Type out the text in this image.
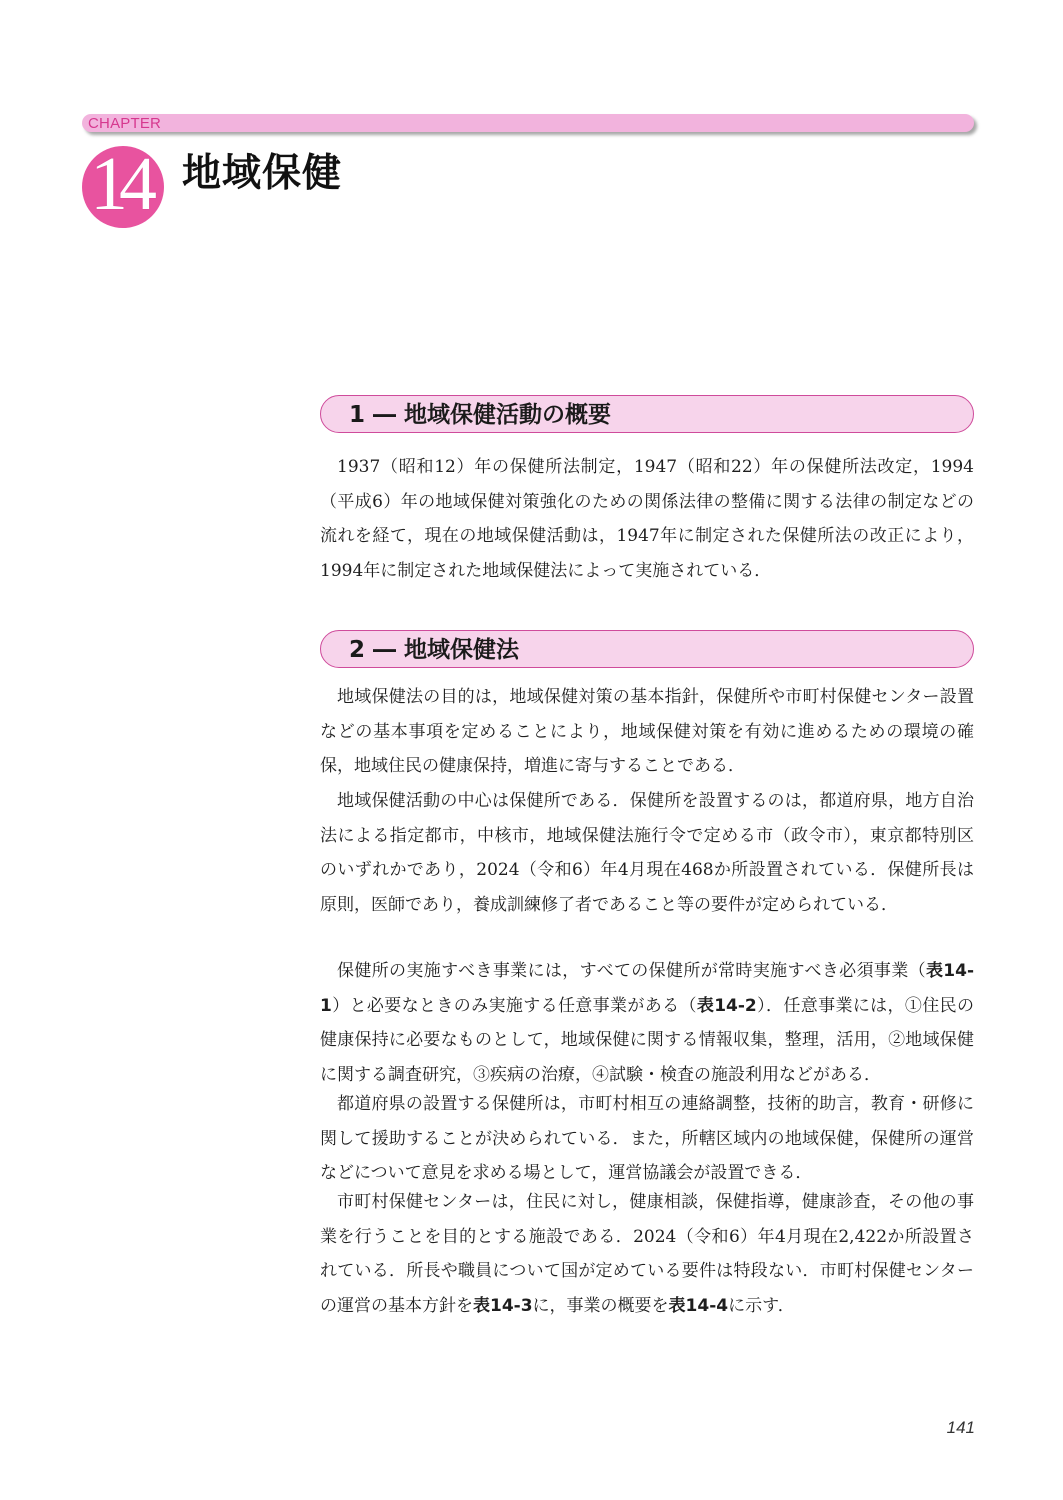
CHAPTER
14 地域保健
1 ― 地域保健活動の概要

1937（昭和12）年の保健所法制定，1947（昭和22）年の保健所法改定，1994（平成6）年の地域保健対策強化のための関係法律の整備に関する法律の制定などの流れを経て，現在の地域保健活動は，1947年に制定された保健所法の改正により，1994年に制定された地域保健法によって実施されている．

2 ― 地域保健法

地域保健法の目的は，地域保健対策の基本指針，保健所や市町村保健センター設置などの基本事項を定めることにより，地域保健対策を有効に進めるための環境の確保，地域住民の健康保持，増進に寄与することである．

地域保健活動の中心は保健所である．保健所を設置するのは，都道府県，地方自治法による指定都市，中核市，地域保健法施行令で定める市（政令市），東京都特別区のいずれかであり，2024（令和6）年4月現在468か所設置されている．保健所長は原則，医師であり，養成訓練修了者であること等の要件が定められている．

保健所の実施すべき事業には，すべての保健所が常時実施すべき必須事業（表14-1）と必要なときのみ実施する任意事業がある（表14-2）．任意事業には，①住民の健康保持に必要なものとして，地域保健に関する情報収集，整理，活用，②地域保健に関する調査研究，③疾病の治療，④試験・検査の施設利用などがある．

都道府県の設置する保健所は，市町村相互の連絡調整，技術的助言，教育・研修に関して援助することが決められている．また，所轄区域内の地域保健，保健所の運営などについて意見を求める場として，運営協議会が設置できる．

市町村保健センターは，住民に対し，健康相談，保健指導，健康診査，その他の事業を行うことを目的とする施設である．2024（令和6）年4月現在2,422か所設置されている．所長や職員について国が定めている要件は特段ない．市町村保健センターの運営の基本方針を表14-3に，事業の概要を表14-4に示す．

141
